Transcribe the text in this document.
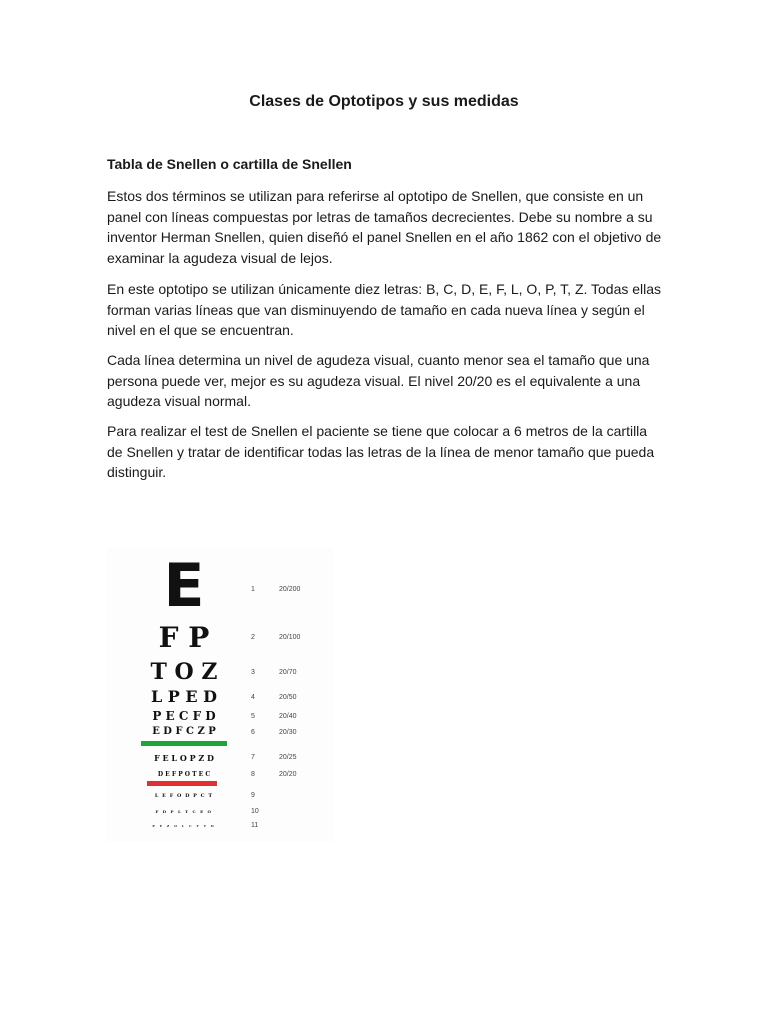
Clases de Optotipos y sus medidas
Tabla de Snellen o cartilla de Snellen

Estos dos términos se utilizan para referirse al optotipo de Snellen, que consiste en un panel con líneas compuestas por letras de tamaños decrecientes. Debe su nombre a su inventor Herman Snellen, quien diseñó el panel Snellen en el año 1862 con el objetivo de examinar la agudeza visual de lejos.

En este optotipo se utilizan únicamente diez letras: B, C, D, E, F, L, O, P, T, Z. Todas ellas forman varias líneas que van disminuyendo de tamaño en cada nueva línea y según el nivel en el que se encuentran.

Cada línea determina un nivel de agudeza visual, cuanto menor sea el tamaño que una persona puede ver, mejor es su agudeza visual. El nivel 20/20 es el equivalente a una agudeza visual normal.

Para realizar el test de Snellen el paciente se tiene que colocar a 6 metros de la cartilla de Snellen y tratar de identificar todas las letras de la línea de menor tamaño que pueda distinguir.

E	1	20/200
F P	2	20/100
T O Z	3	20/70
L P E D	4	20/50
P E C F D	5	20/40
E D F C Z P	6	20/30
F E L O P Z D	7	20/25
D E F P O T E C	8	20/20
L E F O D P C T	9
F D P L T C E O	10
P E Z O L C F T D	11
